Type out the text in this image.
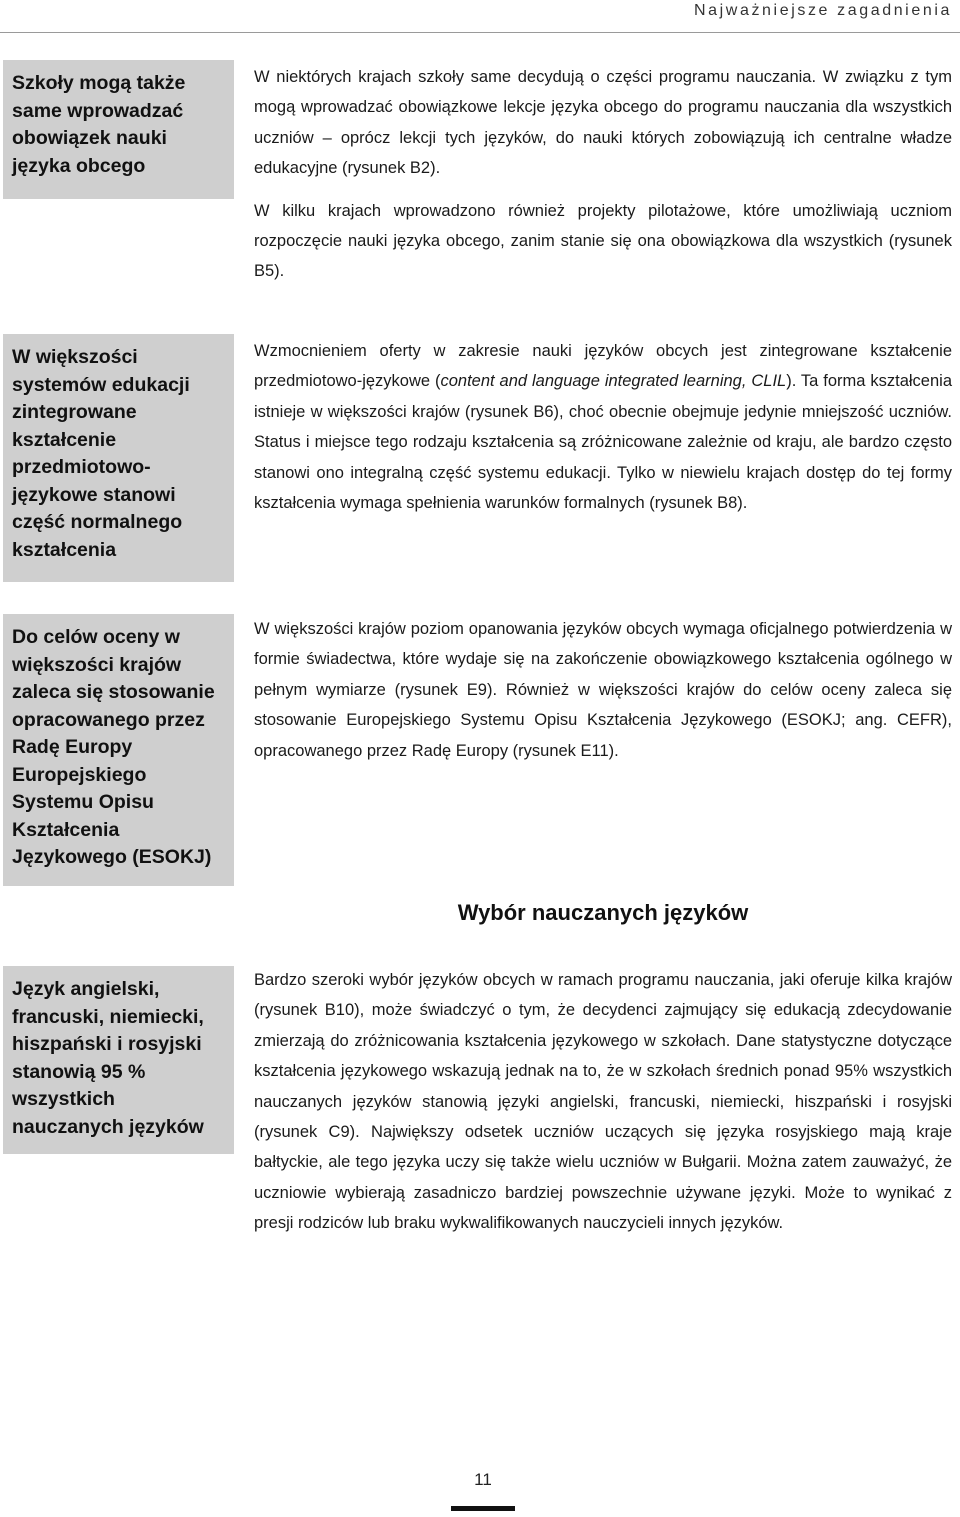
Najważniejsze zagadnienia
Szkoły mogą także same wprowadzać obowiązek nauki języka obcego

W niektórych krajach szkoły same decydują o części programu nauczania. W związku z tym mogą wprowadzać obowiązkowe lekcje języka obcego do programu nauczania dla wszystkich uczniów – oprócz lekcji tych języków, do nauki których zobowiązują ich centralne władze edukacyjne (rysunek B2).

W kilku krajach wprowadzono również projekty pilotażowe, które umożliwiają uczniom rozpoczęcie nauki języka obcego, zanim stanie się ona obowiązkowa dla wszystkich (rysunek B5).

W większości systemów edukacji zintegrowane kształcenie przedmiotowo-językowe stanowi część normalnego kształcenia

Wzmocnieniem oferty w zakresie nauki języków obcych jest zintegrowane kształcenie przedmiotowo-językowe (content and language integrated learning, CLIL). Ta forma kształcenia istnieje w większości krajów (rysunek B6), choć obecnie obejmuje jedynie mniejszość uczniów. Status i miejsce tego rodzaju kształcenia są zróżnicowane zależnie od kraju, ale bardzo często stanowi ono integralną część systemu edukacji. Tylko w niewielu krajach dostęp do tej formy kształcenia wymaga spełnienia warunków formalnych (rysunek B8).

Do celów oceny w większości krajów zaleca się stosowanie opracowanego przez Radę Europy Europejskiego Systemu Opisu Kształcenia Językowego (ESOKJ)

W większości krajów poziom opanowania języków obcych wymaga oficjalnego potwierdzenia w formie świadectwa, które wydaje się na zakończenie obowiązkowego kształcenia ogólnego w pełnym wymiarze (rysunek E9). Również w większości krajów do celów oceny zaleca się stosowanie Europejskiego Systemu Opisu Kształcenia Językowego (ESOKJ; ang. CEFR), opracowanego przez Radę Europy (rysunek E11).

Wybór nauczanych języków
Język angielski, francuski, niemiecki, hiszpański i rosyjski stanowią 95 % wszystkich nauczanych języków

Bardzo szeroki wybór języków obcych w ramach programu nauczania, jaki oferuje kilka krajów (rysunek B10), może świadczyć o tym, że decydenci zajmujący się edukacją zdecydowanie zmierzają do zróżnicowania kształcenia językowego w szkołach. Dane statystyczne dotyczące kształcenia językowego wskazują jednak na to, że w szkołach średnich ponad 95% wszystkich nauczanych języków stanowią języki angielski, francuski, niemiecki, hiszpański i rosyjski (rysunek C9). Największy odsetek uczniów uczących się języka rosyjskiego mają kraje bałtyckie, ale tego języka uczy się także wielu uczniów w Bułgarii. Można zatem zauważyć, że uczniowie wybierają zasadniczo bardziej powszechnie używane języki. Może to wynikać z presji rodziców lub braku wykwalifikowanych nauczycieli innych języków.

11
